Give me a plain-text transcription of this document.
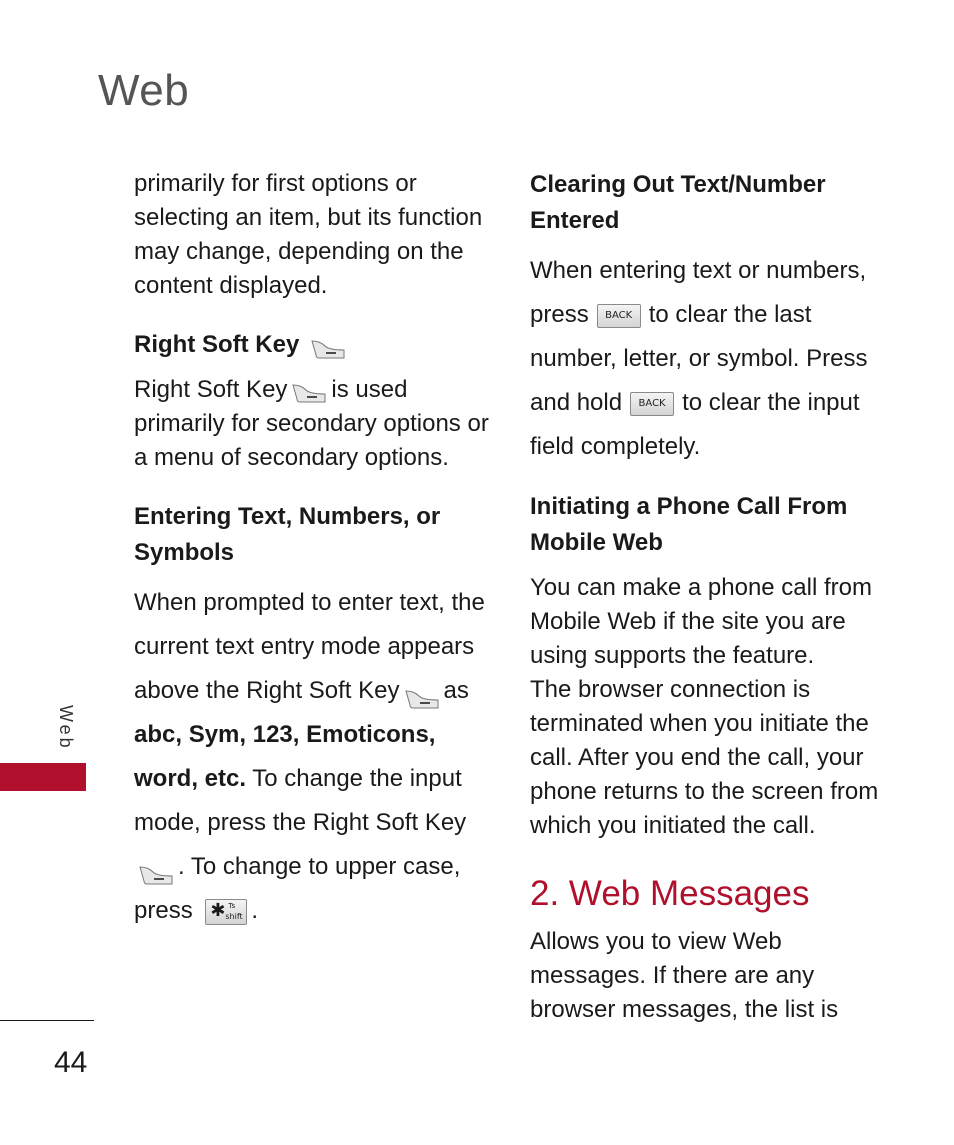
Web

primarily for first options or selecting an item, but its function may change, depending on the content displayed.

Right Soft Key

Right Soft Key is used primarily for secondary options or a menu of secondary options.

Entering Text, Numbers, or Symbols

When prompted to enter text, the current text entry mode appears above the Right Soft Key as abc, Sym, 123, Emoticons, word, etc. To change the input mode, press the Right Soft Key. To change to upper case, press ✱ Ts
shift .

Clearing Out Text/Number Entered

When entering text or numbers, press BACK to clear the last number, letter, or symbol. Press and hold BACK to clear the input field completely.

Initiating a Phone Call From Mobile Web

You can make a phone call from Mobile Web if the site you are using supports the feature.

The browser connection is terminated when you initiate the call. After you end the call, your phone returns to the screen from which you initiated the call.

2. Web Messages

Allows you to view Web messages. If there are any browser messages, the list is

Web
44
